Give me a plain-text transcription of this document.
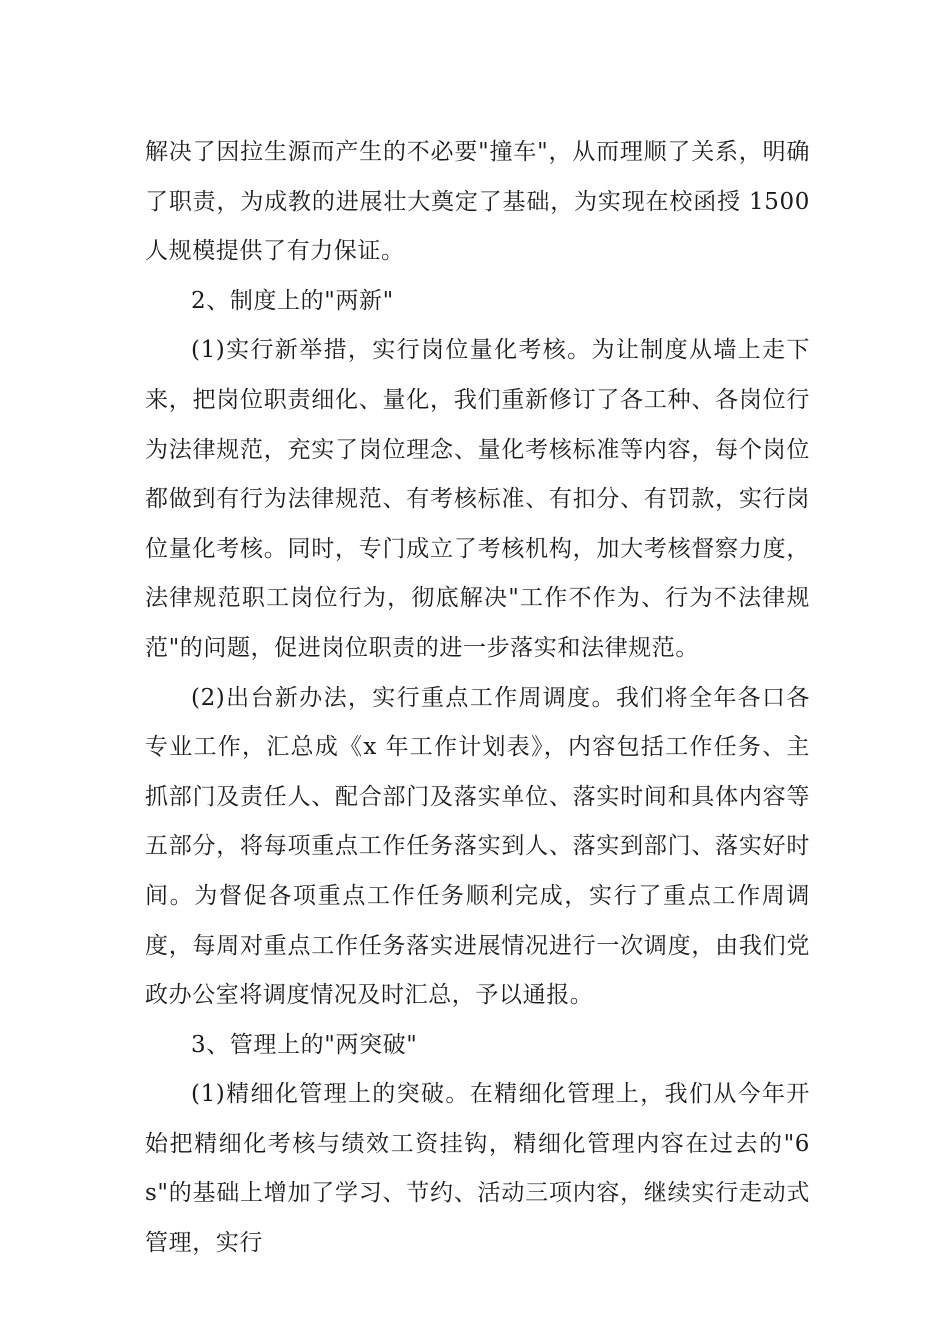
解决了因拉生源而产生的不必要"撞车"，从而理顺了关系，明确了职责，为成教的进展壮大奠定了基础，为实现在校函授 1500 人规模提供了有力保证。

2、制度上的"两新"

(1)实行新举措，实行岗位量化考核。为让制度从墙上走下来，把岗位职责细化、量化，我们重新修订了各工种、各岗位行为法律规范，充实了岗位理念、量化考核标准等内容，每个岗位都做到有行为法律规范、有考核标准、有扣分、有罚款，实行岗位量化考核。同时，专门成立了考核机构，加大考核督察力度，法律规范职工岗位行为，彻底解决"工作不作为、行为不法律规范"的问题，促进岗位职责的进一步落实和法律规范。

(2)出台新办法，实行重点工作周调度。我们将全年各口各专业工作，汇总成《x 年工作计划表》，内容包括工作任务、主抓部门及责任人、配合部门及落实单位、落实时间和具体内容等五部分，将每项重点工作任务落实到人、落实到部门、落实好时间。为督促各项重点工作任务顺利完成，实行了重点工作周调度，每周对重点工作任务落实进展情况进行一次调度，由我们党政办公室将调度情况及时汇总，予以通报。

3、管理上的"两突破"

(1)精细化管理上的突破。在精细化管理上，我们从今年开始把精细化考核与绩效工资挂钩，精细化管理内容在过去的"6s"的基础上增加了学习、节约、活动三项内容，继续实行走动式管理，实行
